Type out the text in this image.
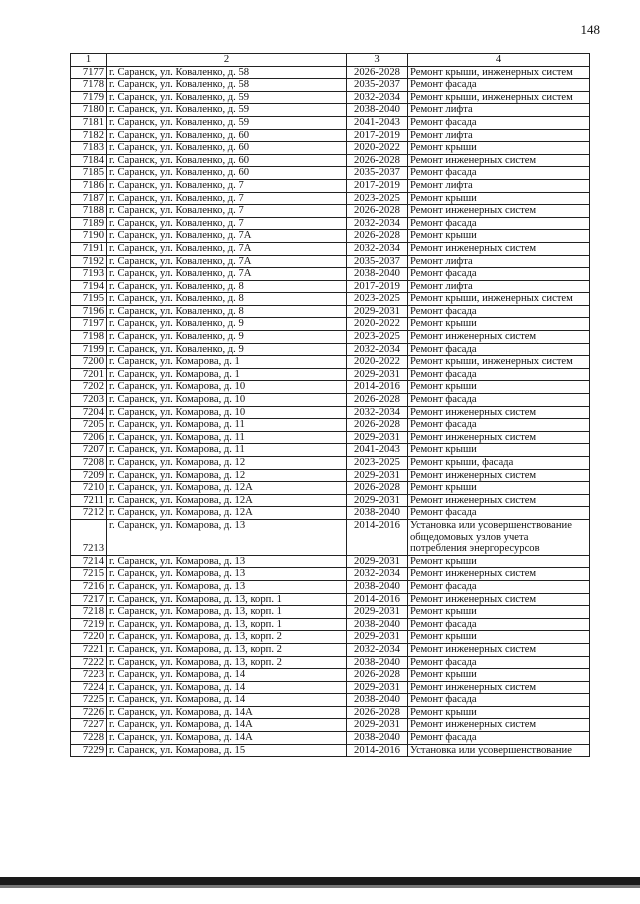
148
1	2	3	4
7177	г. Саранск, ул. Коваленко, д. 58	2026-2028	Ремонт крыши, инженерных систем
7178	г. Саранск, ул. Коваленко, д. 58	2035-2037	Ремонт фасада
7179	г. Саранск, ул. Коваленко, д. 59	2032-2034	Ремонт крыши, инженерных систем
7180	г. Саранск, ул. Коваленко, д. 59	2038-2040	Ремонт лифта
7181	г. Саранск, ул. Коваленко, д. 59	2041-2043	Ремонт фасада
7182	г. Саранск, ул. Коваленко, д. 60	2017-2019	Ремонт лифта
7183	г. Саранск, ул. Коваленко, д. 60	2020-2022	Ремонт крыши
7184	г. Саранск, ул. Коваленко, д. 60	2026-2028	Ремонт инженерных систем
7185	г. Саранск, ул. Коваленко, д. 60	2035-2037	Ремонт фасада
7186	г. Саранск, ул. Коваленко, д. 7	2017-2019	Ремонт лифта
7187	г. Саранск, ул. Коваленко, д. 7	2023-2025	Ремонт крыши
7188	г. Саранск, ул. Коваленко, д. 7	2026-2028	Ремонт инженерных систем
7189	г. Саранск, ул. Коваленко, д. 7	2032-2034	Ремонт фасада
7190	г. Саранск, ул. Коваленко, д. 7А	2026-2028	Ремонт крыши
7191	г. Саранск, ул. Коваленко, д. 7А	2032-2034	Ремонт инженерных систем
7192	г. Саранск, ул. Коваленко, д. 7А	2035-2037	Ремонт лифта
7193	г. Саранск, ул. Коваленко, д. 7А	2038-2040	Ремонт фасада
7194	г. Саранск, ул. Коваленко, д. 8	2017-2019	Ремонт лифта
7195	г. Саранск, ул. Коваленко, д. 8	2023-2025	Ремонт крыши, инженерных систем
7196	г. Саранск, ул. Коваленко, д. 8	2029-2031	Ремонт фасада
7197	г. Саранск, ул. Коваленко, д. 9	2020-2022	Ремонт крыши
7198	г. Саранск, ул. Коваленко, д. 9	2023-2025	Ремонт инженерных систем
7199	г. Саранск, ул. Коваленко, д. 9	2032-2034	Ремонт фасада
7200	г. Саранск, ул. Комарова, д. 1	2020-2022	Ремонт крыши, инженерных систем
7201	г. Саранск, ул. Комарова, д. 1	2029-2031	Ремонт фасада
7202	г. Саранск, ул. Комарова, д. 10	2014-2016	Ремонт крыши
7203	г. Саранск, ул. Комарова, д. 10	2026-2028	Ремонт фасада
7204	г. Саранск, ул. Комарова, д. 10	2032-2034	Ремонт инженерных систем
7205	г. Саранск, ул. Комарова, д. 11	2026-2028	Ремонт фасада
7206	г. Саранск, ул. Комарова, д. 11	2029-2031	Ремонт инженерных систем
7207	г. Саранск, ул. Комарова, д. 11	2041-2043	Ремонт крыши
7208	г. Саранск, ул. Комарова, д. 12	2023-2025	Ремонт крыши, фасада
7209	г. Саранск, ул. Комарова, д. 12	2029-2031	Ремонт инженерных систем
7210	г. Саранск, ул. Комарова, д. 12А	2026-2028	Ремонт крыши
7211	г. Саранск, ул. Комарова, д. 12А	2029-2031	Ремонт инженерных систем
7212	г. Саранск, ул. Комарова, д. 12А	2038-2040	Ремонт фасада
7213	г. Саранск, ул. Комарова, д. 13	2014-2016	Установка или усовершенствование общедомовых узлов учета потребления энергоресурсов
7214	г. Саранск, ул. Комарова, д. 13	2029-2031	Ремонт крыши
7215	г. Саранск, ул. Комарова, д. 13	2032-2034	Ремонт инженерных систем
7216	г. Саранск, ул. Комарова, д. 13	2038-2040	Ремонт фасада
7217	г. Саранск, ул. Комарова, д. 13, корп. 1	2014-2016	Ремонт инженерных систем
7218	г. Саранск, ул. Комарова, д. 13, корп. 1	2029-2031	Ремонт крыши
7219	г. Саранск, ул. Комарова, д. 13, корп. 1	2038-2040	Ремонт фасада
7220	г. Саранск, ул. Комарова, д. 13, корп. 2	2029-2031	Ремонт крыши
7221	г. Саранск, ул. Комарова, д. 13, корп. 2	2032-2034	Ремонт инженерных систем
7222	г. Саранск, ул. Комарова, д. 13, корп. 2	2038-2040	Ремонт фасада
7223	г. Саранск, ул. Комарова, д. 14	2026-2028	Ремонт крыши
7224	г. Саранск, ул. Комарова, д. 14	2029-2031	Ремонт инженерных систем
7225	г. Саранск, ул. Комарова, д. 14	2038-2040	Ремонт фасада
7226	г. Саранск, ул. Комарова, д. 14А	2026-2028	Ремонт крыши
7227	г. Саранск, ул. Комарова, д. 14А	2029-2031	Ремонт инженерных систем
7228	г. Саранск, ул. Комарова, д. 14А	2038-2040	Ремонт фасада
7229	г. Саранск, ул. Комарова, д. 15	2014-2016	Установка или усовершенствование
